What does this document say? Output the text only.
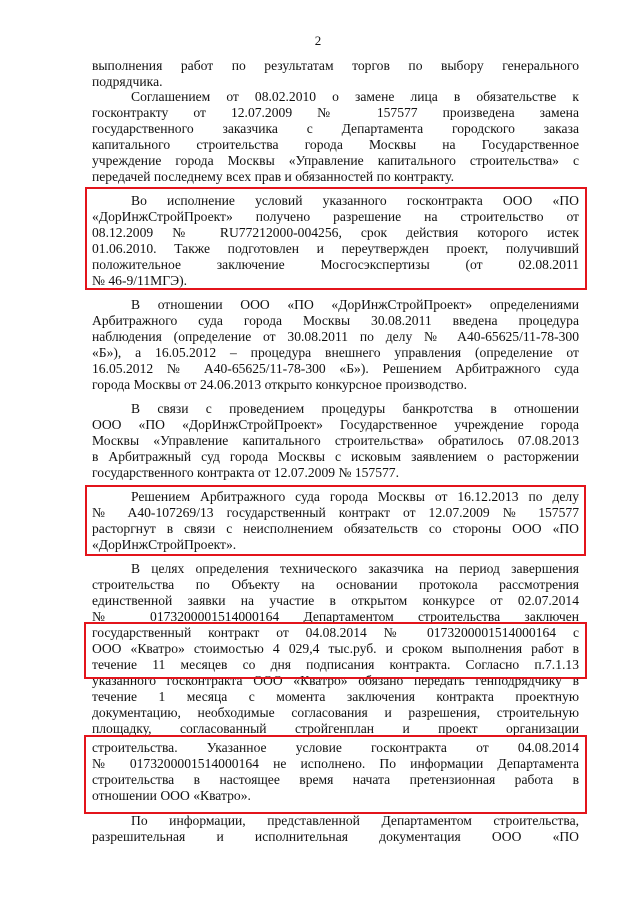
2
выполнения работ по результатам торгов по выбору генерального
подрядчика.
Соглашением от 08.02.2010 о замене лица в обязательстве к
госконтракту от 12.07.2009 № 157577 произведена замена
государственного заказчика с Департамента городского заказа
капитального строительства города Москвы на Государственное
учреждение города Москвы «Управление капитального строительства» с
передачей последнему всех прав и обязанностей по контракту.
Во исполнение условий указанного госконтракта ООО «ПО
«ДорИнжСтройПроект» получено разрешение на строительство от
08.12.2009 № RU77212000-004256, срок действия которого истек
01.06.2010. Также подготовлен и переутвержден проект, получивший
положительное заключение Мосгосэкспертизы (от 02.08.2011
№ 46-9/11МГЭ).
В отношении ООО «ПО «ДорИнжСтройПроект» определениями
Арбитражного суда города Москвы 30.08.2011 введена процедура
наблюдения (определение от 30.08.2011 по делу № А40-65625/11-78-300
«Б»), а 16.05.2012 – процедура внешнего управления (определение от
16.05.2012 № А40-65625/11-78-300 «Б»). Решением Арбитражного суда
города Москвы от 24.06.2013 открыто конкурсное производство.
В связи с проведением процедуры банкротства в отношении
ООО «ПО «ДорИнжСтройПроект» Государственное учреждение города
Москвы «Управление капитального строительства» обратилось 07.08.2013
в Арбитражный суд города Москвы с исковым заявлением о расторжении
государственного контракта от 12.07.2009 № 157577.
Решением Арбитражного суда города Москвы от 16.12.2013 по делу
№ А40-107269/13 государственный контракт от 12.07.2009 № 157577
расторгнут в связи с неисполнением обязательств со стороны ООО «ПО
«ДорИнжСтройПроект».
В целях определения технического заказчика на период завершения
строительства по Объекту на основании протокола рассмотрения
единственной заявки на участие в открытом конкурсе от 02.07.2014
№ 0173200001514000164 Департаментом строительства заключен
государственный контракт от 04.08.2014 № 0173200001514000164 с
ООО «Кватро» стоимостью 4 029,4 тыс.руб. и сроком выполнения работ в
течение 11 месяцев со дня подписания контракта. Согласно п.7.1.13
указанного госконтракта ООО «Кватро» обязано передать генподрядчику в
течение 1 месяца с момента заключения контракта проектную
документацию, необходимые согласования и разрешения, строительную
площадку, согласованный стройгенплан и проект организации
строительства. Указанное условие госконтракта от 04.08.2014
№ 0173200001514000164 не исполнено. По информации Департамента
строительства в настоящее время начата претензионная работа в
отношении ООО «Кватро».
По информации, представленной Департаментом строительства,
разрешительная и исполнительная документация ООО «ПО
